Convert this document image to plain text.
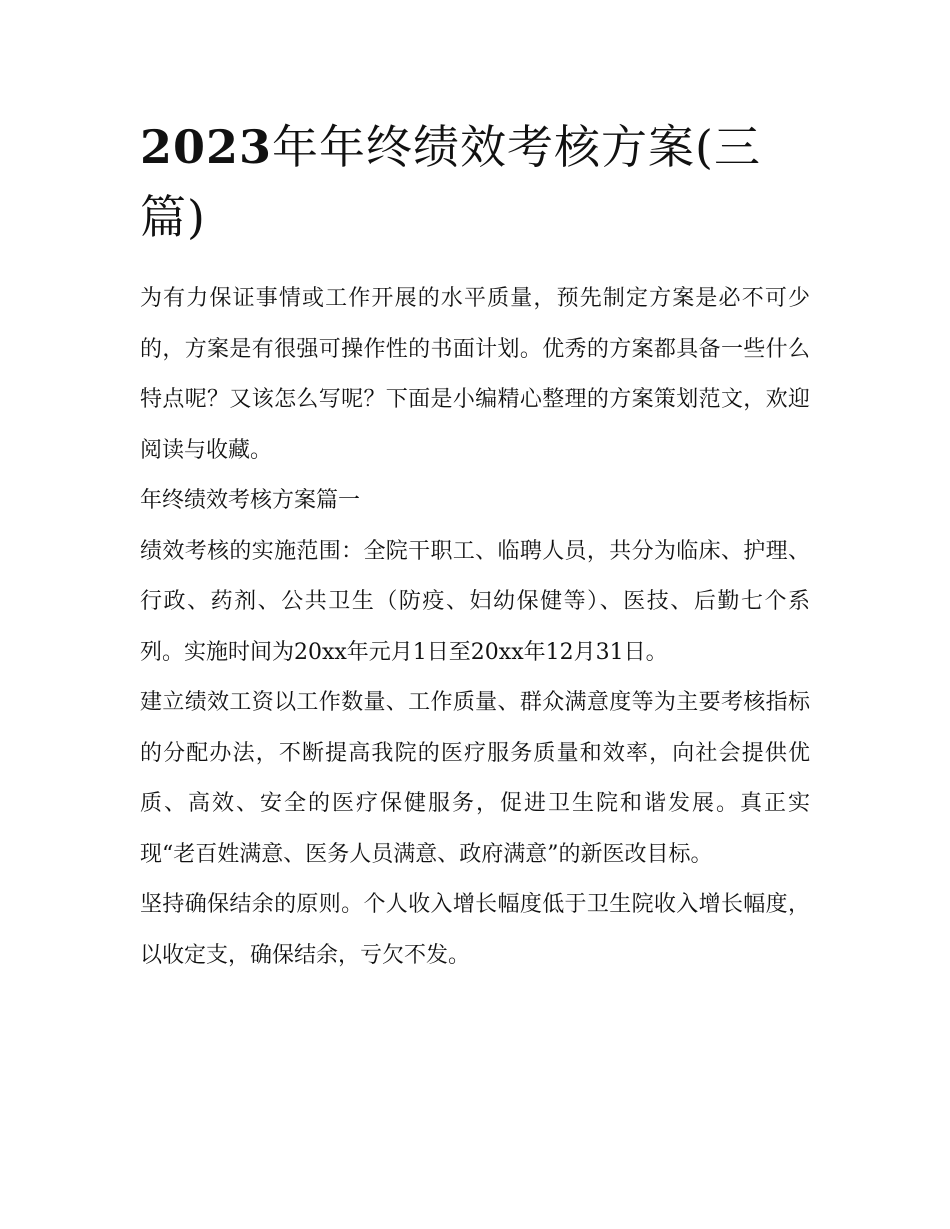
2023年年终绩效考核方案(三篇)

为有力保证事情或工作开展的水平质量，预先制定方案是必不可少的，方案是有很强可操作性的书面计划。优秀的方案都具备一些什么特点呢？又该怎么写呢？下面是小编精心整理的方案策划范文，欢迎阅读与收藏。

年终绩效考核方案篇一

绩效考核的实施范围：全院干职工、临聘人员，共分为临床、护理、行政、药剂、公共卫生（防疫、妇幼保健等）、医技、后勤七个系列。实施时间为20xx年元月1日至20xx年12月31日。

建立绩效工资以工作数量、工作质量、群众满意度等为主要考核指标的分配办法，不断提高我院的医疗服务质量和效率，向社会提供优质、高效、安全的医疗保健服务，促进卫生院和谐发展。真正实现“老百姓满意、医务人员满意、政府满意”的新医改目标。

坚持确保结余的原则。个人收入增长幅度低于卫生院收入增长幅度，以收定支，确保结余，亏欠不发。
